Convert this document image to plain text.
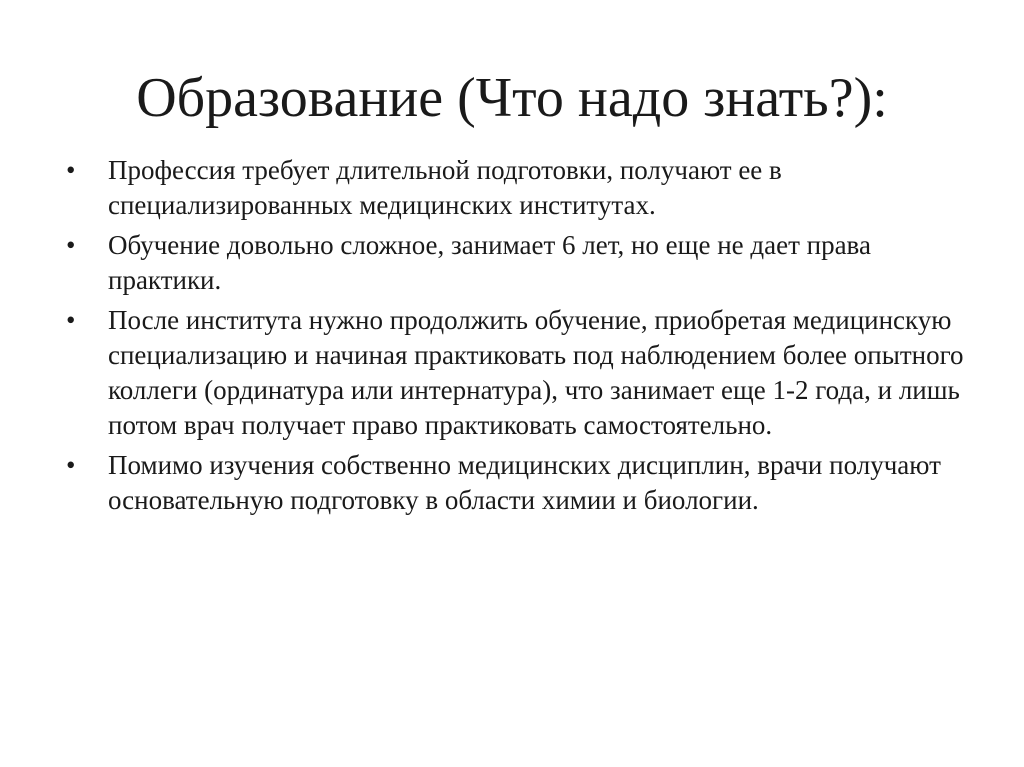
Образование (Что надо знать?):
•	Профессия требует длительной подготовки, получают ее в специализированных медицинских институтах.
•	Обучение довольно сложное, занимает 6 лет, но еще не дает права практики.
•	После института нужно продолжить обучение, приобретая медицинскую специализацию и начиная практиковать под наблюдением более опытного коллеги (ординатура или интернатура), что занимает еще 1-2 года, и лишь потом врач получает право практиковать самостоятельно.
•	Помимо изучения собственно медицинских дисциплин, врачи получают основательную подготовку в области химии и биологии.
